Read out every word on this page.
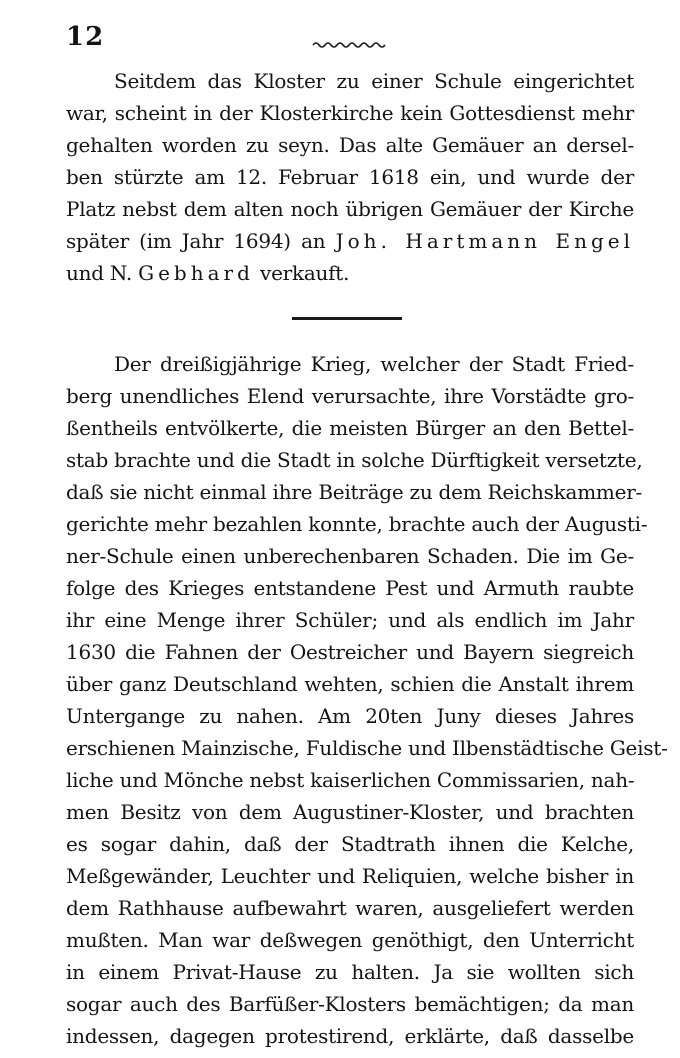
12

Seitdem das Kloster zu einer Schule eingerichtet

war, scheint in der Klosterkirche kein Gottesdienst mehr

gehalten worden zu seyn. Das alte Gemäuer an dersel-

ben stürzte am 12. Februar 1618 ein, und wurde der

Platz nebst dem alten noch übrigen Gemäuer der Kirche

später (im Jahr 1694) an Joh. Hartmann Engel

und N. Gebhard verkauft.

Der dreißigjährige Krieg, welcher der Stadt Fried-

berg unendliches Elend verursachte, ihre Vorstädte gro-

ßentheils entvölkerte, die meisten Bürger an den Bettel-

stab brachte und die Stadt in solche Dürftigkeit versetzte,

daß sie nicht einmal ihre Beiträge zu dem Reichskammer-

gerichte mehr bezahlen konnte, brachte auch der Augusti-

ner-Schule einen unberechenbaren Schaden. Die im Ge-

folge des Krieges entstandene Pest und Armuth raubte

ihr eine Menge ihrer Schüler; und als endlich im Jahr

1630 die Fahnen der Oestreicher und Bayern siegreich

über ganz Deutschland wehten, schien die Anstalt ihrem

Untergange zu nahen. Am 20ten Juny dieses Jahres

erschienen Mainzische, Fuldische und Ilbenstädtische Geist-

liche und Mönche nebst kaiserlichen Commissarien, nah-

men Besitz von dem Augustiner-Kloster, und brachten

es sogar dahin, daß der Stadtrath ihnen die Kelche,

Meßgewänder, Leuchter und Reliquien, welche bisher in

dem Rathhause aufbewahrt waren, ausgeliefert werden

mußten. Man war deßwegen genöthigt, den Unterricht

in einem Privat-Hause zu halten. Ja sie wollten sich

sogar auch des Barfüßer-Klosters bemächtigen; da man

indessen, dagegen protestirend, erklärte, daß dasselbe
